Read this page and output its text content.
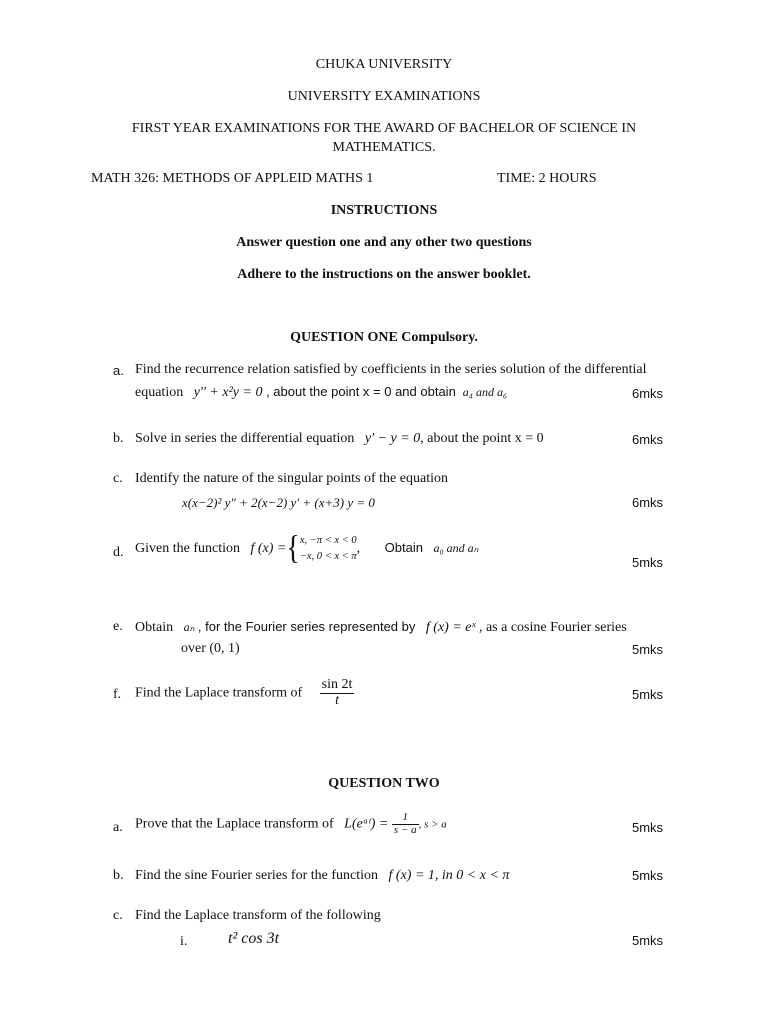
CHUKA UNIVERSITY
UNIVERSITY EXAMINATIONS
FIRST YEAR EXAMINATIONS FOR THE AWARD OF BACHELOR OF SCIENCE IN
MATHEMATICS.
MATH 326: METHODS OF APPLEID MATHS 1	TIME: 2 HOURS
INSTRUCTIONS
Answer question one and any other two questions
Adhere to the instructions on the answer booklet.
QUESTION ONE Compulsory.
a. Find the recurrence relation satisfied by coefficients in the series solution of the differential
equation y'' + x²y = 0 , about the point x = 0 and obtain a₄ and a₆	6mks
b. Solve in series the differential equation y' − y = 0, about the point x = 0	6mks
c. Identify the nature of the singular points of the equation
x(x−2)² y″ + 2(x−2) y′ + (x+3) y = 0	6mks
d. Given the function f (x) ={ x, −π < x < 0
−x, 0 < x < π
, Obtain a₀ and aₙ
5mks
e. Obtain aₙ , for the Fourier series represented by f (x) = eˣ , as a cosine Fourier series
over (0, 1)	5mks
f. Find the Laplace transform of $\frac{\sin 2t}{t}$	5mks
QUESTION TWO
a. Prove that the Laplace transform of L(eᵃᵗ) = $\frac{1}{s - a}$ , s > a	5mks
b. Find the sine Fourier series for the function f (x) = 1, in 0 < x < π	5mks
c. Find the Laplace transform of the following
i.	t² cos 3t	5mks
